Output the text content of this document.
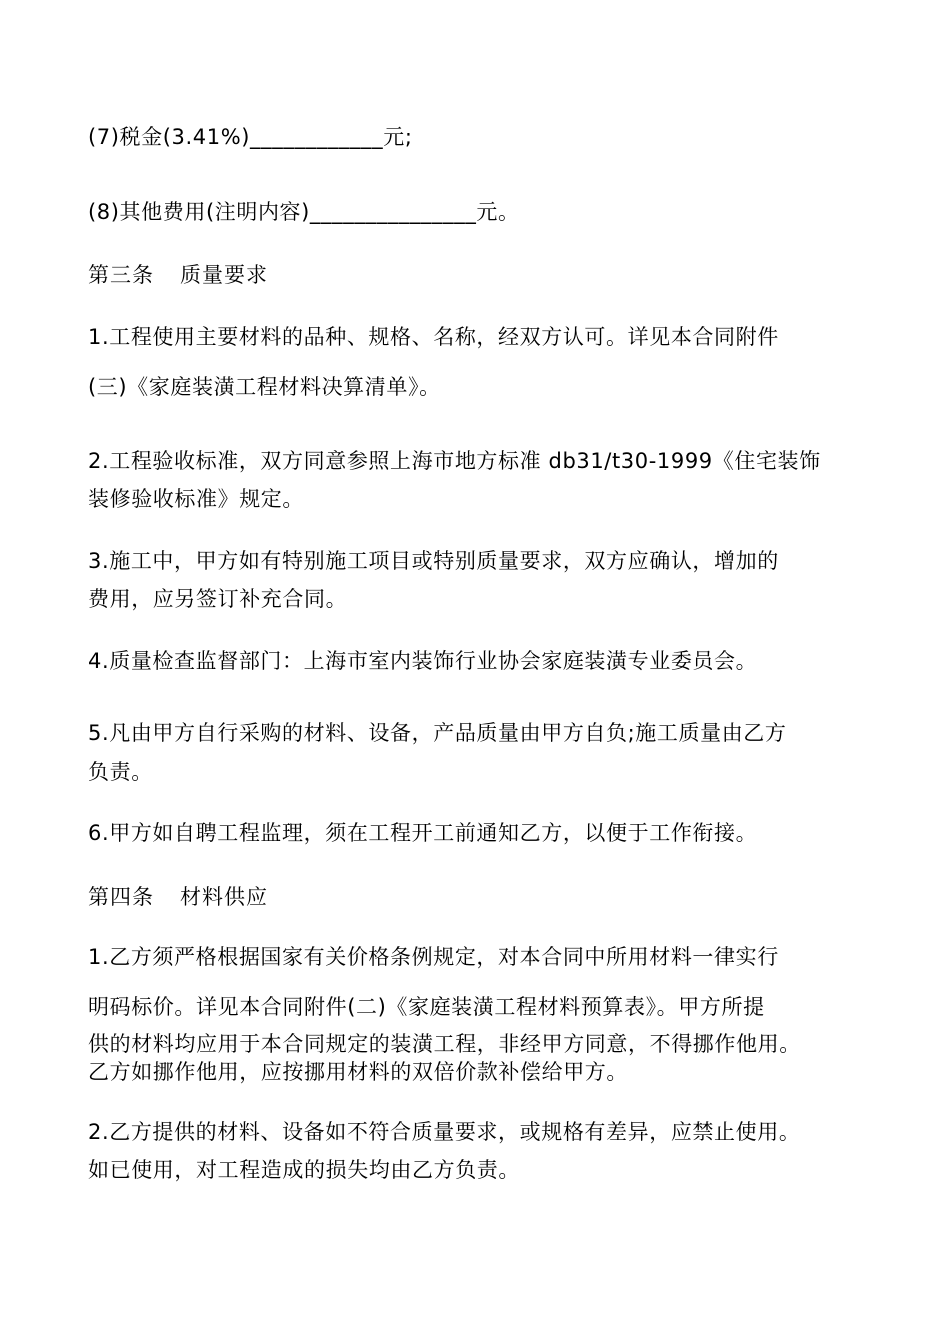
(7)税金(3.41%)____________元;
(8)其他费用(注明内容)_______________元。
第三条 质量要求
1.工程使用主要材料的品种、规格、名称，经双方认可。详见本合同附件
(三)《家庭装潢工程材料决算清单》。
2.工程验收标准，双方同意参照上海市地方标准 db31/t30-1999《住宅装饰
装修验收标准》规定。
3.施工中，甲方如有特别施工项目或特别质量要求，双方应确认，增加的
费用，应另签订补充合同。
4.质量检查监督部门：上海市室内装饰行业协会家庭装潢专业委员会。
5.凡由甲方自行采购的材料、设备，产品质量由甲方自负;施工质量由乙方
负责。
6.甲方如自聘工程监理，须在工程开工前通知乙方，以便于工作衔接。
第四条 材料供应
1.乙方须严格根据国家有关价格条例规定，对本合同中所用材料一律实行
明码标价。详见本合同附件(二)《家庭装潢工程材料预算表》。甲方所提
供的材料均应用于本合同规定的装潢工程，非经甲方同意，不得挪作他用。
乙方如挪作他用，应按挪用材料的双倍价款补偿给甲方。
2.乙方提供的材料、设备如不符合质量要求，或规格有差异，应禁止使用。
如已使用，对工程造成的损失均由乙方负责。
